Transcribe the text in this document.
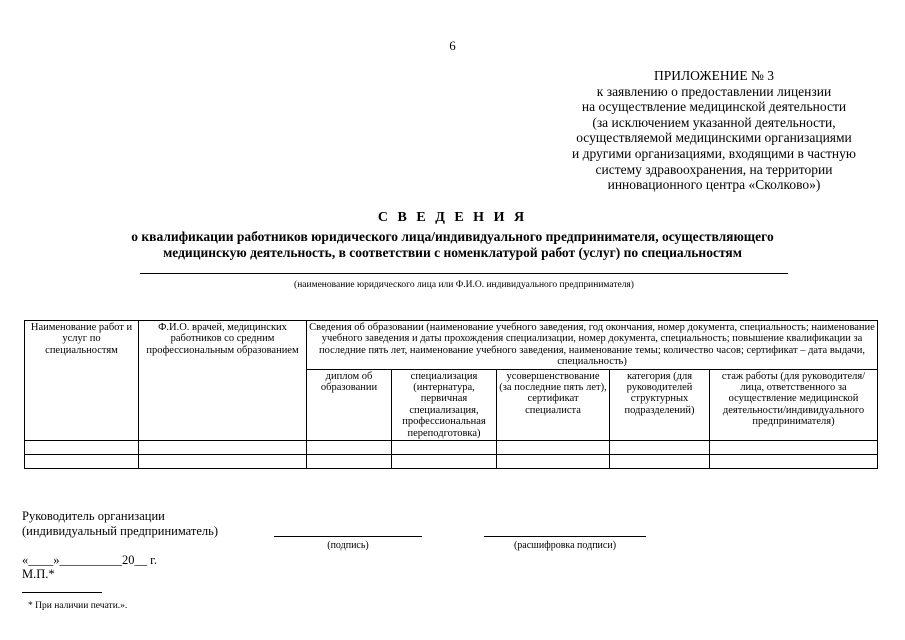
6
ПРИЛОЖЕНИЕ № 3
к заявлению о предоставлении лицензии
на осуществление медицинской деятельности
(за исключением указанной деятельности,
осуществляемой медицинскими организациями
и другими организациями, входящими в частную
систему здравоохранения, на территории
инновационного центра «Сколково»)
С В Е Д Е Н И Я
о квалификации работников юридического лица/индивидуального предпринимателя, осуществляющего
медицинскую деятельность, в соответствии с номенклатурой работ (услуг) по специальностям
(наименование юридического лица или Ф.И.О. индивидуального предпринимателя)
Наименование работ и услуг по специальностям	Ф.И.О. врачей, медицинских работников со средним профессиональным образованием	Сведения об образовании (наименование учебного заведения, год окончания, номер документа, специальность; наименование учебного заведения и даты прохождения специализации, номер документа, специальность; повышение квалификации за последние пять лет, наименование учебного заведения, наименование темы; количество часов; сертификат – дата выдачи, специальность)				
		диплом об образовании	специализация (интернатура, первичная специализация, профессиональная переподготовка)	усовершенствование (за последние пять лет), сертификат специалиста	категория (для руководителей структурных подразделений)	стаж работы (для руководителя/ лица, ответственного за осуществление медицинской деятельности/индивидуального предпринимателя)

Руководитель организации
(индивидуальный предприниматель)
(подпись)	(расшифровка подписи)
«____»__________20__ г.
М.П.*
* При наличии печати.».
